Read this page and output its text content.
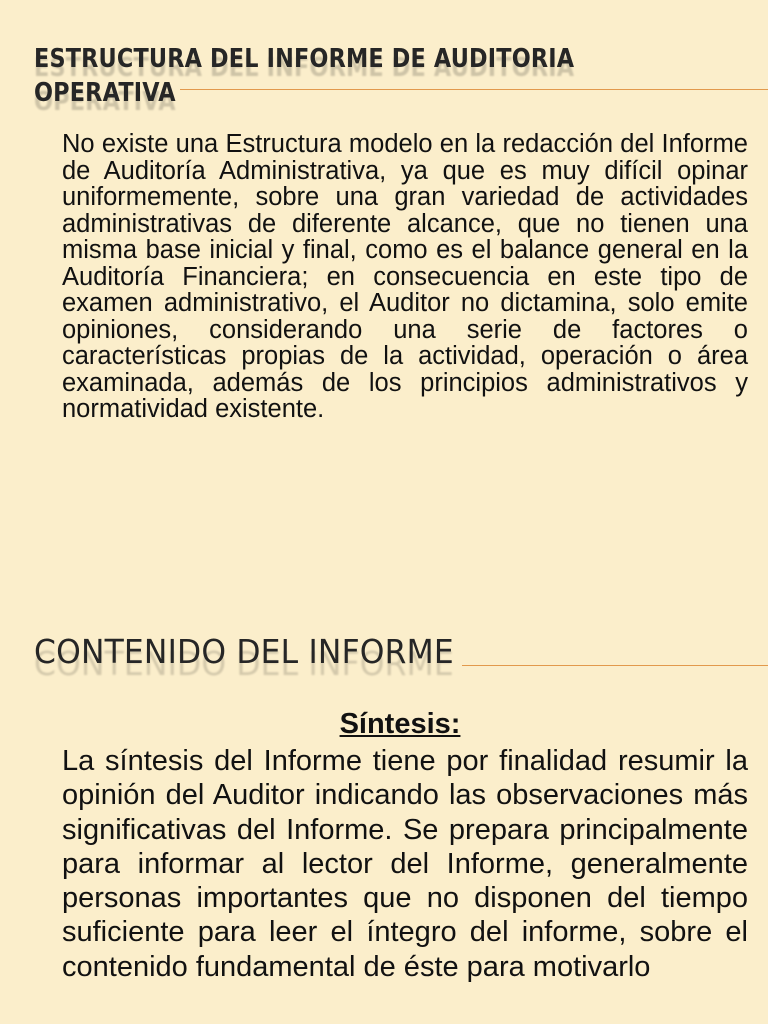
ESTRUCTURA DEL INFORME DE AUDITORIA OPERATIVA

No existe una Estructura modelo en la redacción del Informe de Auditoría Administrativa, ya que es muy difícil opinar uniformemente, sobre una gran variedad de actividades administrativas de diferente alcance, que no tienen una misma base inicial y final, como es el balance general en la Auditoría Financiera; en consecuencia en este tipo de examen administrativo, el Auditor no dictamina, solo emite opiniones, considerando una serie de factores o características propias de la actividad, operación o área examinada, además de los principios administrativos y normatividad existente.

CONTENIDO DEL INFORME
Síntesis:

La síntesis del Informe tiene por finalidad resumir la opinión del Auditor indicando las observaciones más significativas del Informe. Se prepara principalmente para informar al lector del Informe, generalmente personas importantes que no disponen del tiempo suficiente para leer el íntegro del informe, sobre el contenido fundamental de éste para motivarlo
